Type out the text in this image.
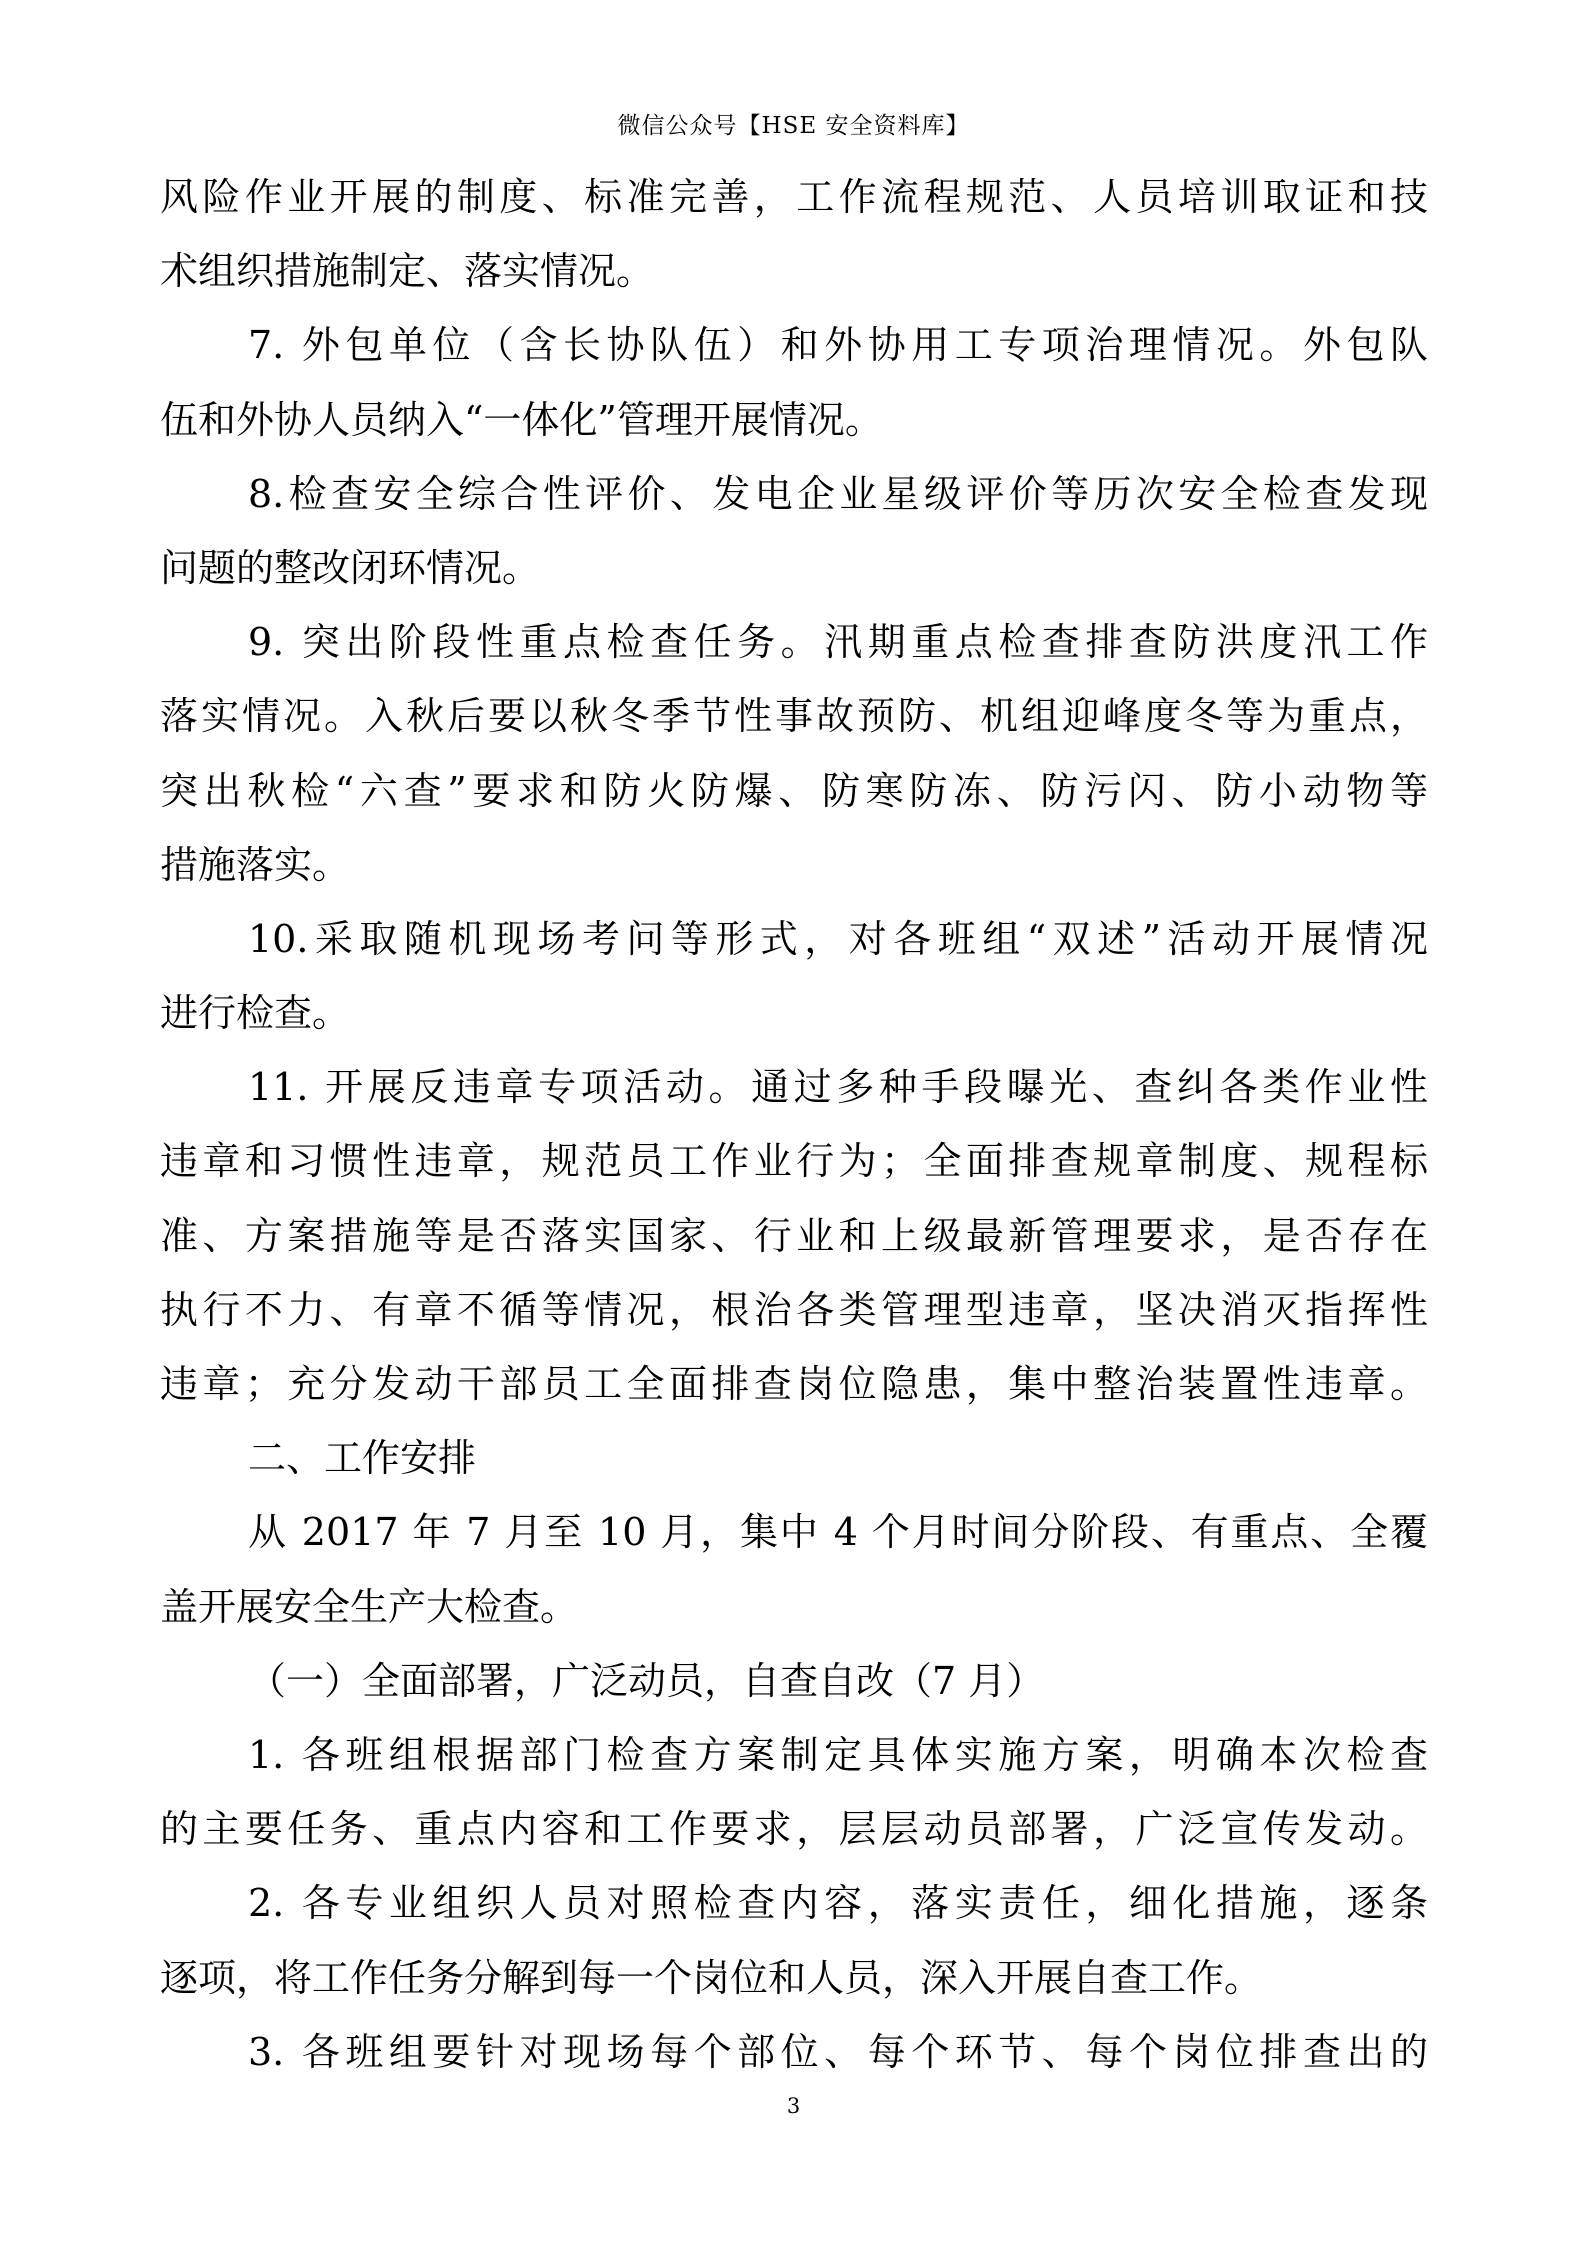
微信公众号【HSE 安全资料库】
风险作业开展的制度、标准完善，工作流程规范、人员培训取证和技
术组织措施制定、落实情况。
7. 外包单位（含长协队伍）和外协用工专项治理情况。外包队
伍和外协人员纳入“一体化”管理开展情况。
8.检查安全综合性评价、发电企业星级评价等历次安全检查发现
问题的整改闭环情况。
9. 突出阶段性重点检查任务。汛期重点检查排查防洪度汛工作
落实情况。入秋后要以秋冬季节性事故预防、机组迎峰度冬等为重点，
突出秋检“六查”要求和防火防爆、防寒防冻、防污闪、防小动物等
措施落实。
10.采取随机现场考问等形式，对各班组“双述”活动开展情况
进行检查。
11. 开展反违章专项活动。通过多种手段曝光、查纠各类作业性
违章和习惯性违章，规范员工作业行为；全面排查规章制度、规程标
准、方案措施等是否落实国家、行业和上级最新管理要求，是否存在
执行不力、有章不循等情况，根治各类管理型违章，坚决消灭指挥性
违章；充分发动干部员工全面排查岗位隐患，集中整治装置性违章。
二、工作安排
从 2017 年 7 月至 10 月，集中 4 个月时间分阶段、有重点、全覆
盖开展安全生产大检查。
（一）全面部署，广泛动员，自查自改（7 月）
1. 各班组根据部门检查方案制定具体实施方案，明确本次检查
的主要任务、重点内容和工作要求，层层动员部署，广泛宣传发动。
2. 各专业组织人员对照检查内容，落实责任，细化措施，逐条
逐项，将工作任务分解到每一个岗位和人员，深入开展自查工作。
3. 各班组要针对现场每个部位、每个环节、每个岗位排查出的
3
